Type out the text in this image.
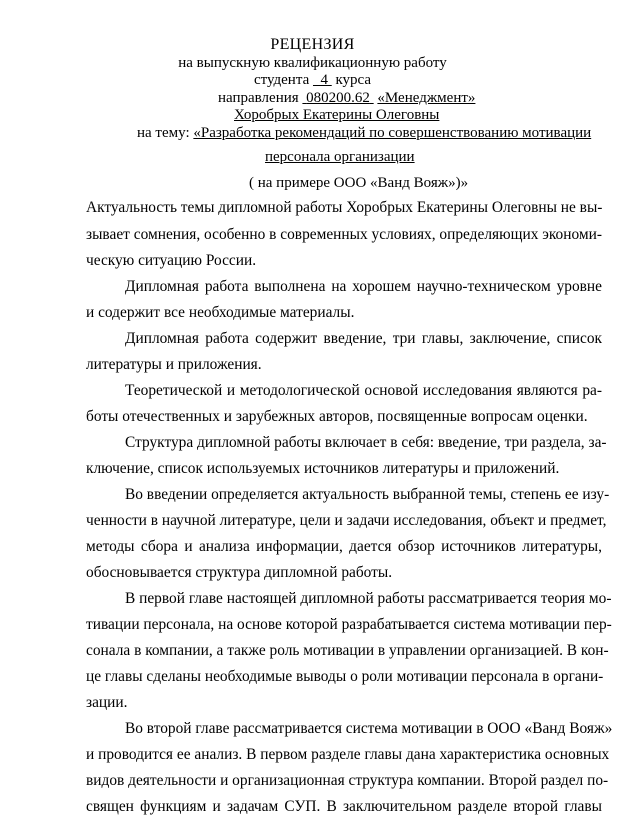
РЕЦЕНЗИЯ
на выпускную квалификационную работу
студента 4 курса
направления 080200.62 «Менеджмент»
Хоробрых Екатерины Олеговны
на тему: «Разработка рекомендаций по совершенствованию мотивации
персонала организации
( на примере ООО «Ванд Вояж»)»
Актуальность темы дипломной работы Хоробрых Екатерины Олеговны не вы-
зывает сомнения, особенно в современных условиях, определяющих экономи-
ческую ситуацию России.
Дипломная работа выполнена на хорошем научно-техническом уровне
и содержит все необходимые материалы.
Дипломная работа содержит введение, три главы, заключение, список
литературы и приложения.
Теоретической и методологической основой исследования являются ра-
боты отечественных и зарубежных авторов, посвященные вопросам оценки.
Структура дипломной работы включает в себя: введение, три раздела, за-
ключение, список используемых источников литературы и приложений.
Во введении определяется актуальность выбранной темы, степень ее изу-
ченности в научной литературе, цели и задачи исследования, объект и предмет,
методы сбора и анализа информации, дается обзор источников литературы,
обосновывается структура дипломной работы.
В первой главе настоящей дипломной работы рассматривается теория мо-
тивации персонала, на основе которой разрабатывается система мотивации пер-
сонала в компании, а также роль мотивации в управлении организацией. В кон-
це главы сделаны необходимые выводы о роли мотивации персонала в органи-
зации.
Во второй главе рассматривается система мотивации в ООО «Ванд Вояж»
и проводится ее анализ. В первом разделе главы дана характеристика основных
видов деятельности и организационная структура компании. Второй раздел по-
священ функциям и задачам СУП. В заключительном разделе второй главы
